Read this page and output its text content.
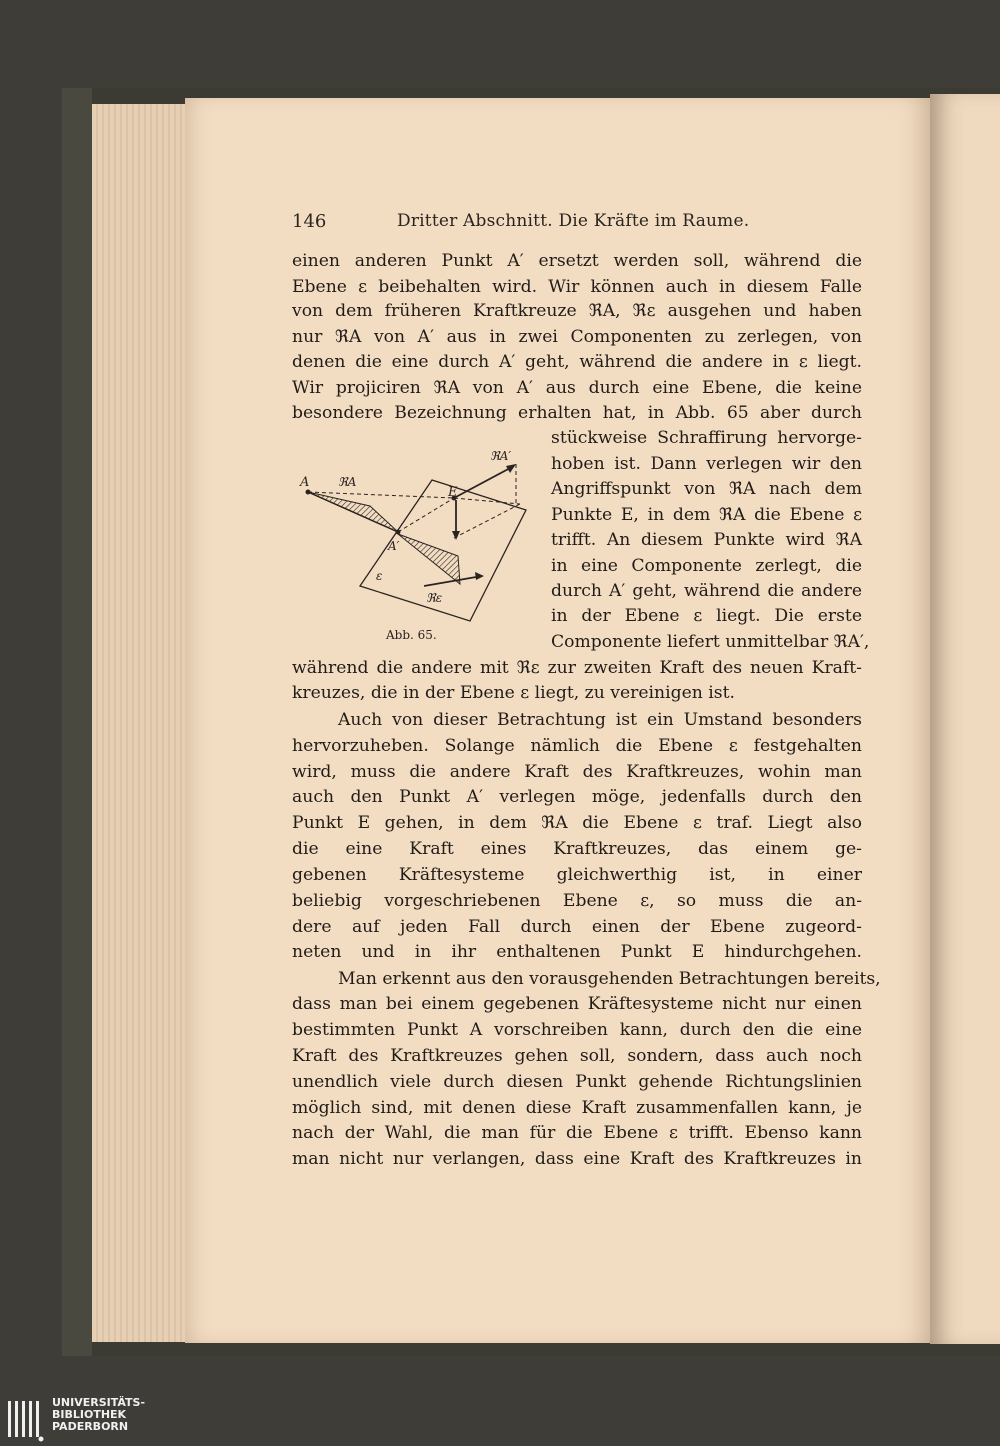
146	Dritter Abschnitt. Die Kräfte im Raume.
einen anderen Punkt A′ ersetzt werden soll, während die
Ebene ε beibehalten wird. Wir können auch in diesem Falle
von dem früheren Kraftkreuze ℜA, ℜε ausgehen und haben
nur ℜA von A′ aus in zwei Componenten zu zerlegen, von
denen die eine durch A′ geht, während die andere in ε liegt.
Wir projiciren ℜA von A′ aus durch eine Ebene, die keine
besondere Bezeichnung erhalten hat, in Abb. 65 aber durch
stückweise Schraffirung hervorge-
hoben ist. Dann verlegen wir den
Angriffspunkt von ℜA nach dem
Punkte E, in dem ℜA die Ebene ε
trifft. An diesem Punkte wird ℜA
in eine Componente zerlegt, die
durch A′ geht, während die andere
in der Ebene ε liegt. Die erste
Componente liefert unmittelbar ℜA′,
während die andere mit ℜε zur zweiten Kraft des neuen Kraft-
kreuzes, die in der Ebene ε liegt, zu vereinigen ist.
Auch von dieser Betrachtung ist ein Umstand besonders
hervorzuheben. Solange nämlich die Ebene ε festgehalten
wird, muss die andere Kraft des Kraftkreuzes, wohin man
auch den Punkt A′ verlegen möge, jedenfalls durch den
Punkt E gehen, in dem ℜA die Ebene ε traf. Liegt also
die eine Kraft eines Kraftkreuzes, das einem ge-
gebenen Kräftesysteme gleichwerthig ist, in einer
beliebig vorgeschriebenen Ebene ε, so muss die an-
dere auf jeden Fall durch einen der Ebene zugeord-
neten und in ihr enthaltenen Punkt E hindurchgehen.
Man erkennt aus den vorausgehenden Betrachtungen bereits,
dass man bei einem gegebenen Kräftesysteme nicht nur einen
bestimmten Punkt A vorschreiben kann, durch den die eine
Kraft des Kraftkreuzes gehen soll, sondern, dass auch noch
unendlich viele durch diesen Punkt gehende Richtungslinien
möglich sind, mit denen diese Kraft zusammenfallen kann, je
nach der Wahl, die man für die Ebene ε trifft. Ebenso kann
man nicht nur verlangen, dass eine Kraft des Kraftkreuzes in
A ℜA
ℜA′
E
A′
ε
ℜε
Abb. 65.
UNIVERSITÄTS-
BIBLIOTHEK
PADERBORN
